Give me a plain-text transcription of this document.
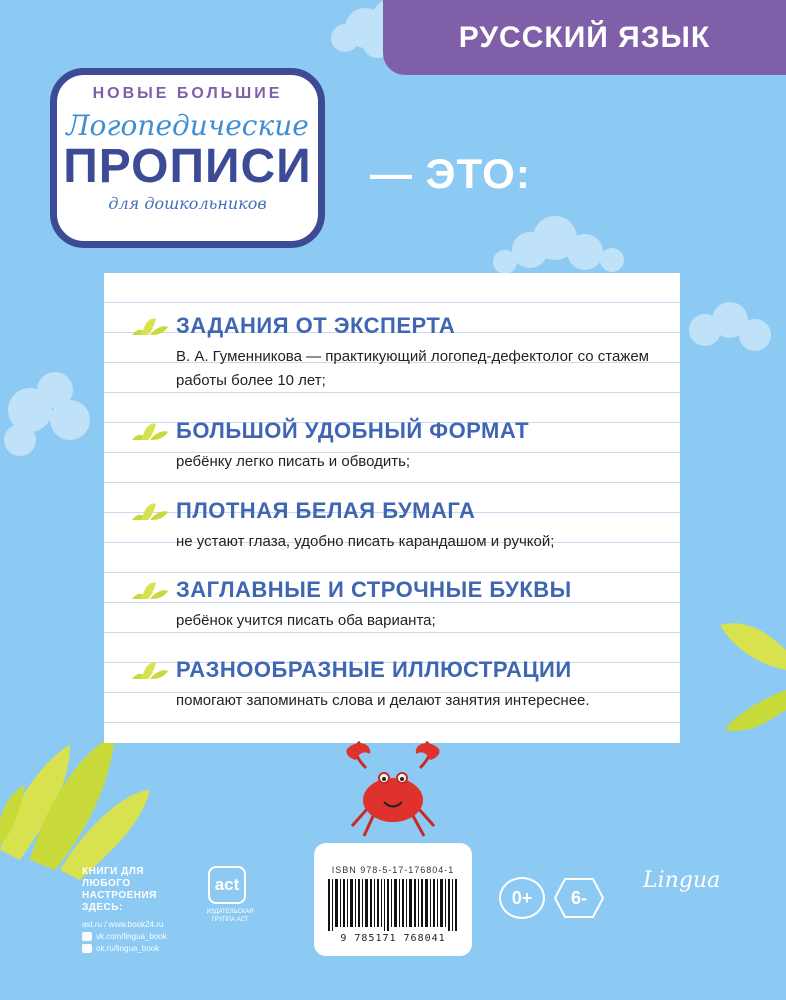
РУССКИЙ ЯЗЫК
НОВЫЕ БОЛЬШИЕ
Логопедические
ПРОПИСИ
для дошкольников
— ЭТО:
ЗАДАНИЯ ОТ ЭКСПЕРТА
В. А. Гуменникова — практикующий логопед-дефектолог со стажем работы более 10 лет;
БОЛЬШОЙ УДОБНЫЙ ФОРМАТ
ребёнку легко писать и обводить;
ПЛОТНАЯ БЕЛАЯ БУМАГА
не устают глаза, удобно писать карандашом и ручкой;
ЗАГЛАВНЫЕ И СТРОЧНЫЕ БУКВЫ
ребёнок учится писать оба варианта;
РАЗНООБРАЗНЫЕ ИЛЛЮСТРАЦИИ
помогают запоминать слова и делают занятия интереснее.
ISBN 978-5-17-176804-1
9 785171 768041
КНИГИ ДЛЯ ЛЮБОГО НАСТРОЕНИЯ ЗДЕСЬ:
ast.ru / www.book24.ru
vk.com/lingua_book
ok.ru/lingua_book
act
ИЗДАТЕЛЬСКАЯ ГРУППА АСТ
0+	6-
Lingua
